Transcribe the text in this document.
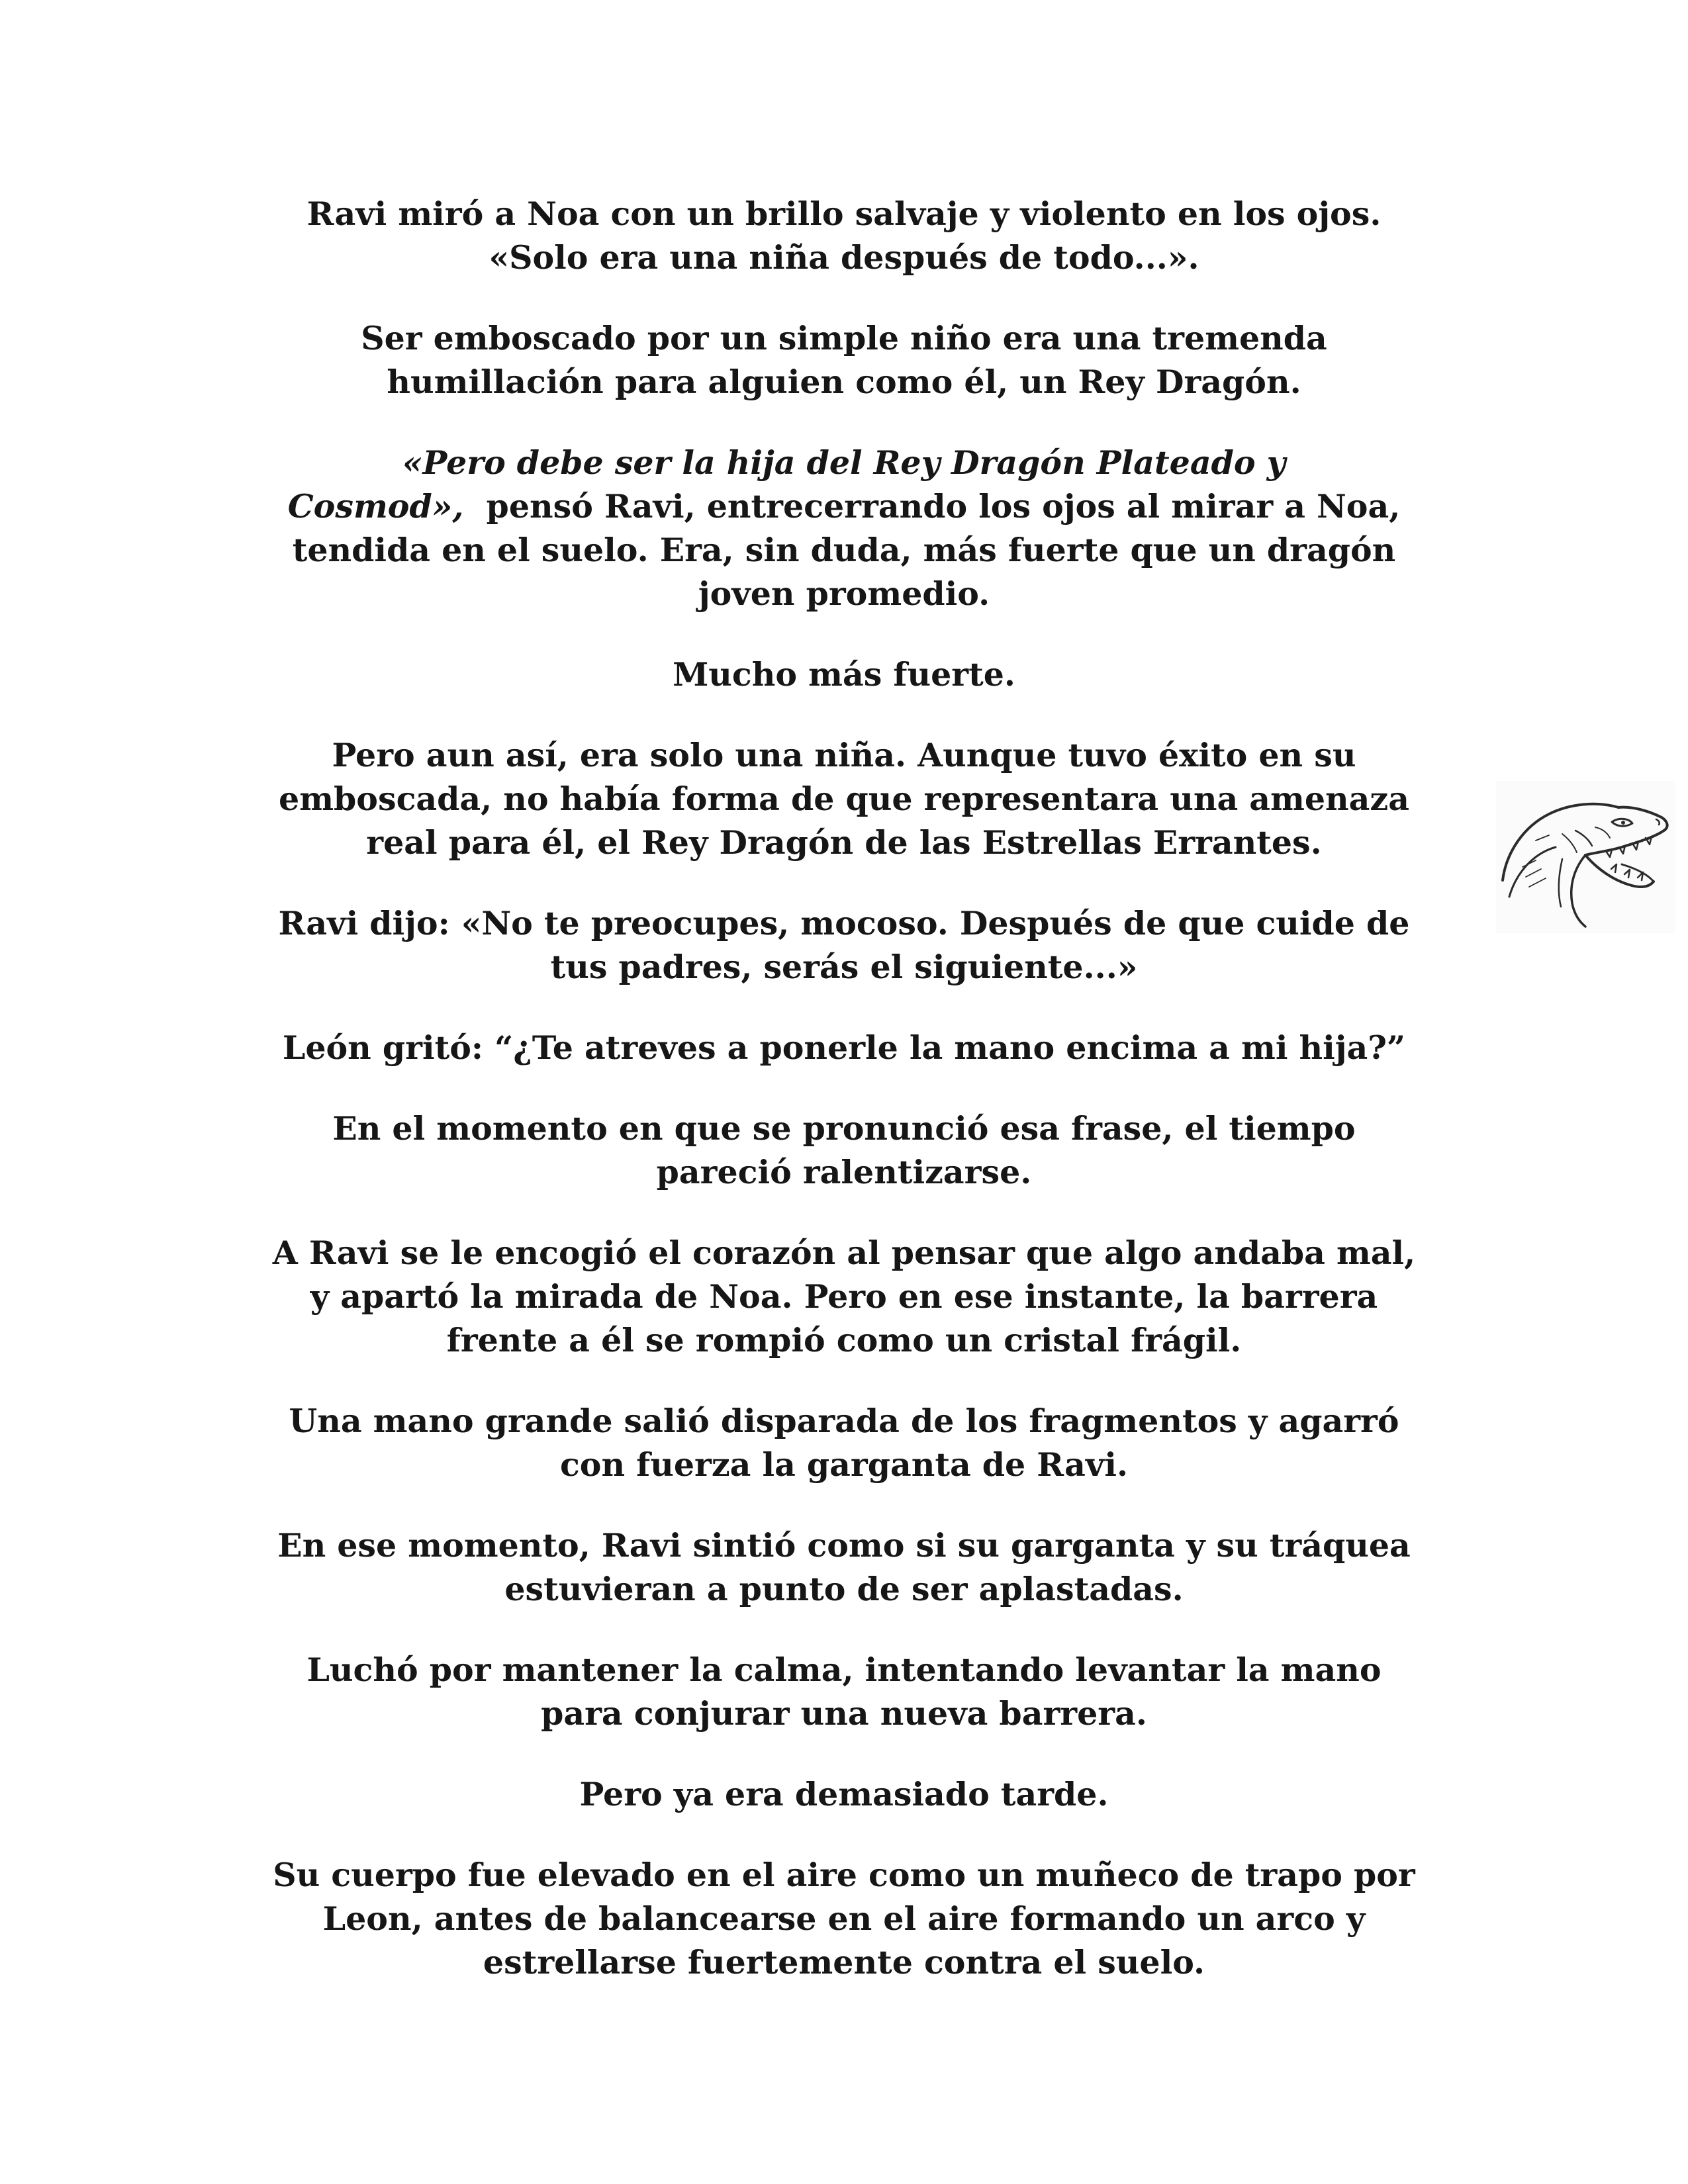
Ravi miró a Noa con un brillo salvaje y violento en los ojos.
«Solo era una niña después de todo...».

Ser emboscado por un simple niño era una tremenda
humillación para alguien como él, un Rey Dragón.

«Pero debe ser la hija del Rey Dragón Plateado y
Cosmod»,  pensó Ravi, entrecerrando los ojos al mirar a Noa,
tendida en el suelo. Era, sin duda, más fuerte que un dragón
joven promedio.

Mucho más fuerte.

Pero aun así, era solo una niña. Aunque tuvo éxito en su
emboscada, no había forma de que representara una amenaza
real para él, el Rey Dragón de las Estrellas Errantes.

Ravi dijo: «No te preocupes, mocoso. Después de que cuide de
tus padres, serás el siguiente...»

León gritó: “¿Te atreves a ponerle la mano encima a mi hija?”

En el momento en que se pronunció esa frase, el tiempo
pareció ralentizarse.

A Ravi se le encogió el corazón al pensar que algo andaba mal,
y apartó la mirada de Noa. Pero en ese instante, la barrera
frente a él se rompió como un cristal frágil.

Una mano grande salió disparada de los fragmentos y agarró
con fuerza la garganta de Ravi.

En ese momento, Ravi sintió como si su garganta y su tráquea
estuvieran a punto de ser aplastadas.

Luchó por mantener la calma, intentando levantar la mano
para conjurar una nueva barrera.

Pero ya era demasiado tarde.

Su cuerpo fue elevado en el aire como un muñeco de trapo por
Leon, antes de balancearse en el aire formando un arco y
estrellarse fuertemente contra el suelo.
